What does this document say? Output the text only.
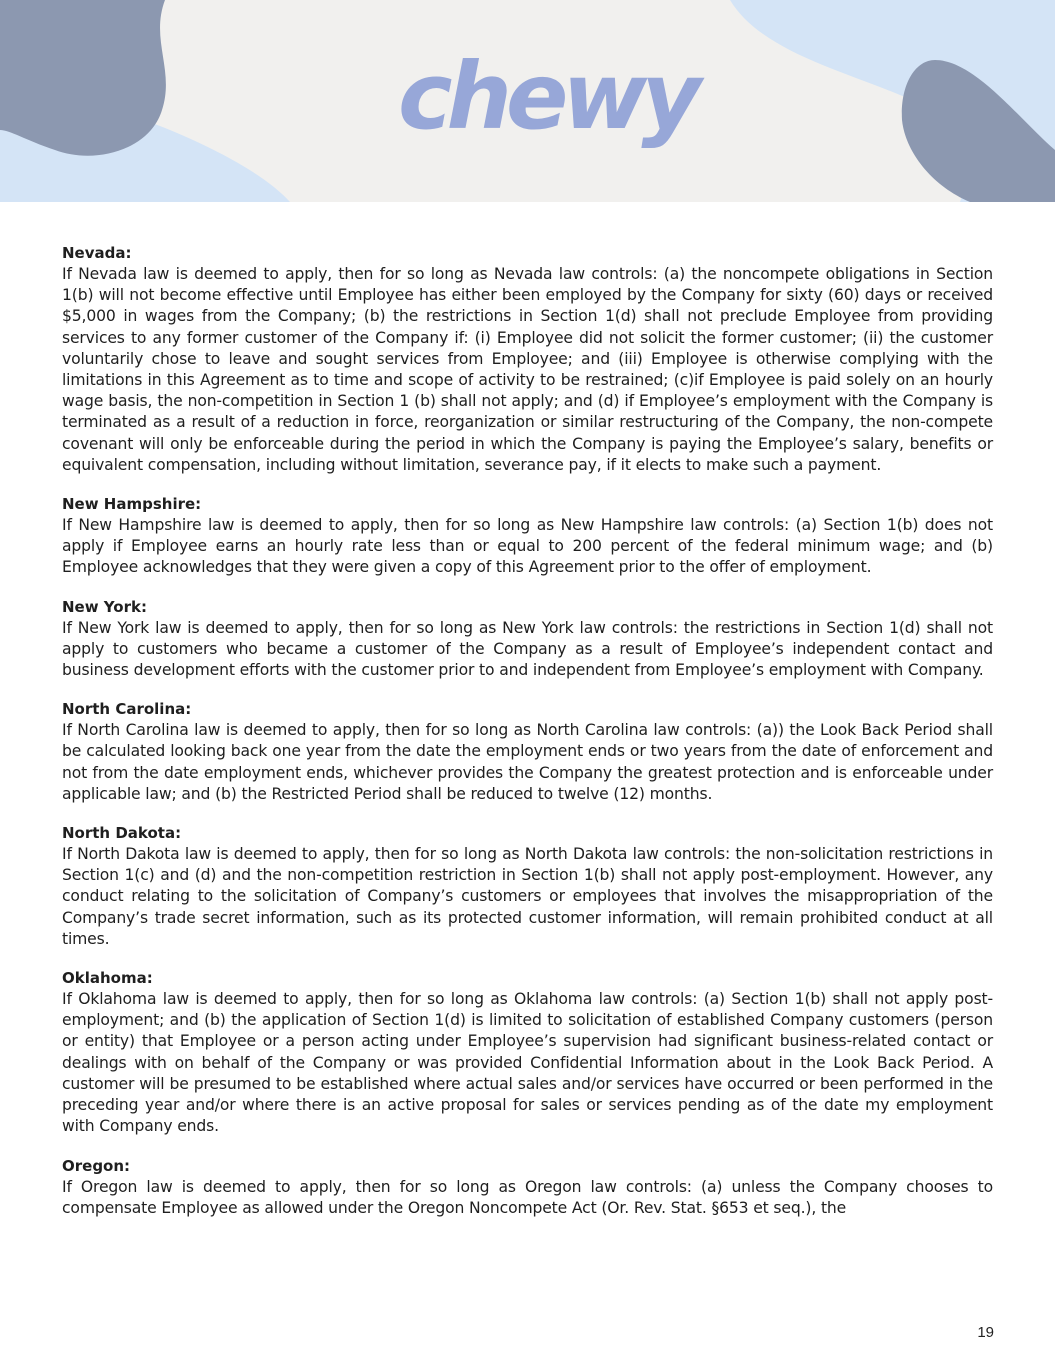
chewy

Nevada:

If Nevada law is deemed to apply, then for so long as Nevada law controls: (a) the noncompete obligations in Section 1(b) will not become effective until Employee has either been employed by the Company for sixty (60) days or received $5,000 in wages from the Company; (b) the restrictions in Section 1(d) shall not preclude Employee from providing services to any former customer of the Company if: (i) Employee did not solicit the former customer; (ii) the customer voluntarily chose to leave and sought services from Employee; and (iii) Employee is otherwise complying with the limitations in this Agreement as to time and scope of activity to be restrained; (c)if Employee is paid solely on an hourly wage basis, the non-competition in Section 1 (b) shall not apply; and (d) if Employee’s employment with the Company is terminated as a result of a reduction in force, reorganization or similar restructuring of the Company, the non-compete covenant will only be enforceable during the period in which the Company is paying the Employee’s salary, benefits or equivalent compensation, including without limitation, severance pay, if it elects to make such a payment.

New Hampshire:

If New Hampshire law is deemed to apply, then for so long as New Hampshire law controls: (a) Section 1(b) does not apply if Employee earns an hourly rate less than or equal to 200 percent of the federal minimum wage; and (b) Employee acknowledges that they were given a copy of this Agreement prior to the offer of employment.

New York:

If New York law is deemed to apply, then for so long as New York law controls: the restrictions in Section 1(d) shall not apply to customers who became a customer of the Company as a result of Employee’s independent contact and business development efforts with the customer prior to and independent from Employee’s employment with Company.

North Carolina:

If North Carolina law is deemed to apply, then for so long as North Carolina law controls: (a)) the Look Back Period shall be calculated looking back one year from the date the employment ends or two years from the date of enforcement and not from the date employment ends, whichever provides the Company the greatest protection and is enforceable under applicable law; and (b) the Restricted Period shall be reduced to twelve (12) months.

North Dakota:

If North Dakota law is deemed to apply, then for so long as North Dakota law controls: the non-solicitation restrictions in Section 1(c) and (d) and the non-competition restriction in Section 1(b) shall not apply post-employment. However, any conduct relating to the solicitation of Company’s customers or employees that involves the misappropriation of the Company’s trade secret information, such as its protected customer information, will remain prohibited conduct at all times.

Oklahoma:

If Oklahoma law is deemed to apply, then for so long as Oklahoma law controls: (a) Section 1(b) shall not apply post-employment; and (b) the application of Section 1(d) is limited to solicitation of established Company customers (person or entity) that Employee or a person acting under Employee’s supervision had significant business-related contact or dealings with on behalf of the Company or was provided Confidential Information about in the Look Back Period. A customer will be presumed to be established where actual sales and/or services have occurred or been performed in the preceding year and/or where there is an active proposal for sales or services pending as of the date my employment with Company ends.

Oregon:

If Oregon law is deemed to apply, then for so long as Oregon law controls: (a) unless the Company chooses to compensate Employee as allowed under the Oregon Noncompete Act (Or. Rev. Stat. §653 et seq.), the

19
